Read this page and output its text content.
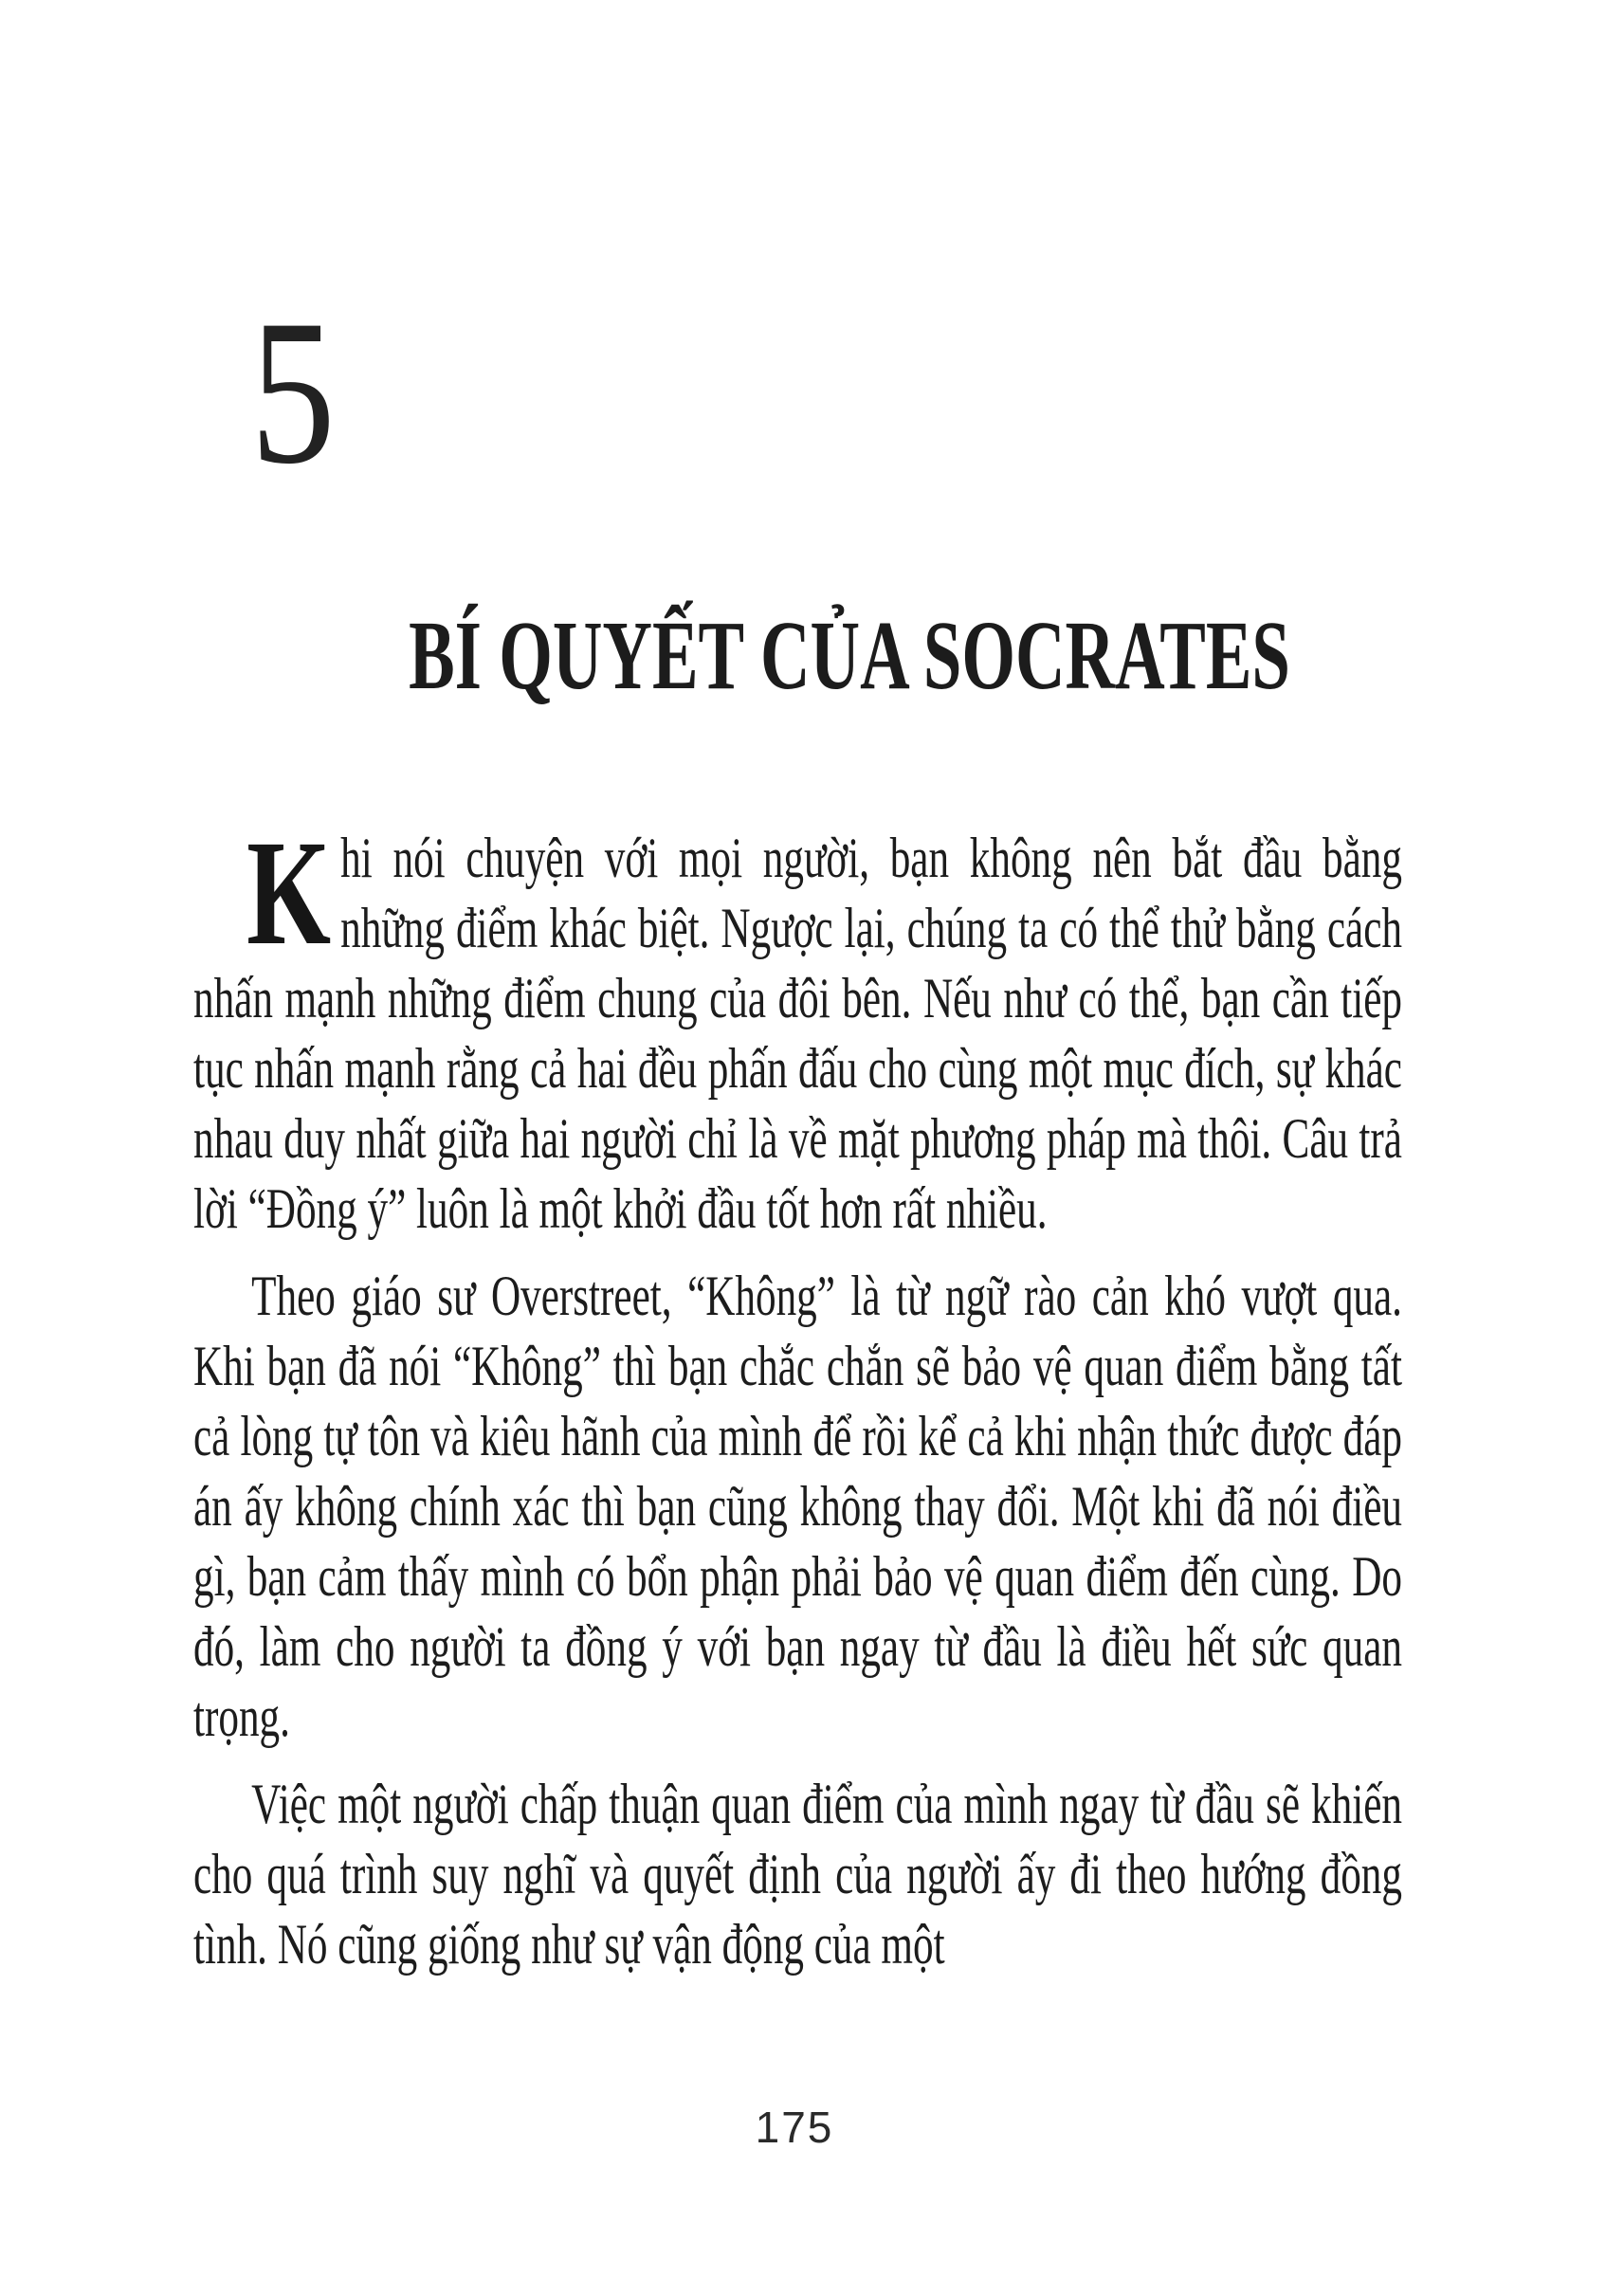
5
BÍ QUYẾT CỦA SOCRATES

Khi nói chuyện với mọi người, bạn không nên bắt đầu bằng những điểm khác biệt. Ngược lại, chúng ta có thể thử bằng cách nhấn mạnh những điểm chung của đôi bên. Nếu như có thể, bạn cần tiếp tục nhấn mạnh rằng cả hai đều phấn đấu cho cùng một mục đích, sự khác nhau duy nhất giữa hai người chỉ là về mặt phương pháp mà thôi. Câu trả lời “Đồng ý” luôn là một khởi đầu tốt hơn rất nhiều.

Theo giáo sư Overstreet, “Không” là từ ngữ rào cản khó vượt qua. Khi bạn đã nói “Không” thì bạn chắc chắn sẽ bảo vệ quan điểm bằng tất cả lòng tự tôn và kiêu hãnh của mình để rồi kể cả khi nhận thức được đáp án ấy không chính xác thì bạn cũng không thay đổi. Một khi đã nói điều gì, bạn cảm thấy mình có bổn phận phải bảo vệ quan điểm đến cùng. Do đó, làm cho người ta đồng ý với bạn ngay từ đầu là điều hết sức quan trọng.

Việc một người chấp thuận quan điểm của mình ngay từ đầu sẽ khiến cho quá trình suy nghĩ và quyết định của người ấy đi theo hướng đồng tình. Nó cũng giống như sự vận động của một

175
